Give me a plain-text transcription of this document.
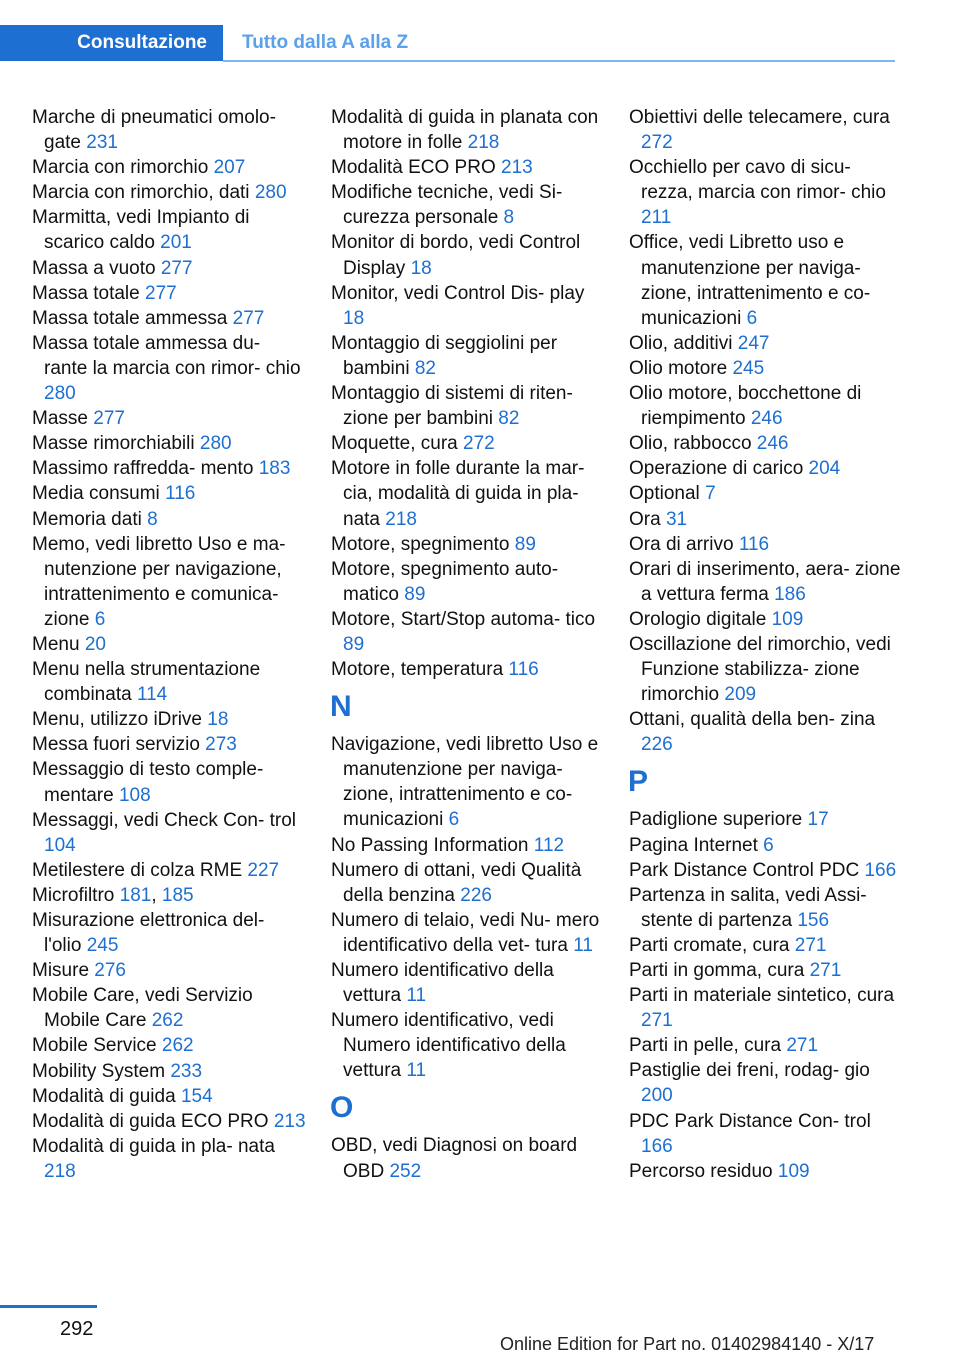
Consultazione Tutto dalla A alla Z
Marche di pneumatici omolo‐ gate 231
Marcia con rimorchio 207
Marcia con rimorchio, dati 280
Marmitta, vedi Impianto di scarico caldo 201
Massa a vuoto 277
Massa totale 277
Massa totale ammessa 277
Massa totale ammessa du‐ rante la marcia con rimor‐ chio 280
Masse 277
Masse rimorchiabili 280
Massimo raffredda‐ mento 183
Media consumi 116
Memoria dati 8
Memo, vedi libretto Uso e ma‐ nutenzione per navigazione, intrattenimento e comunica‐ zione 6
Menu 20
Menu nella strumentazione combinata 114
Menu, utilizzo iDrive 18
Messa fuori servizio 273
Messaggio di testo comple‐ mentare 108
Messaggi, vedi Check Con‐ trol 104
Metilestere di colza RME 227
Microfiltro 181, 185
Misurazione elettronica del‐ l'olio 245
Misure 276
Mobile Care, vedi Servizio Mobile Care 262
Mobile Service 262
Mobility System 233
Modalità di guida 154
Modalità di guida ECO PRO 213
Modalità di guida in pla‐ nata 218
Modalità di guida in planata con motore in folle 218
Modalità ECO PRO 213
Modifiche tecniche, vedi Si‐ curezza personale 8
Monitor di bordo, vedi Control Display 18
Monitor, vedi Control Dis‐ play 18
Montaggio di seggiolini per bambini 82
Montaggio di sistemi di riten‐ zione per bambini 82
Moquette, cura 272
Motore in folle durante la mar‐ cia, modalità di guida in pla‐ nata 218
Motore, spegnimento 89
Motore, spegnimento auto‐ matico 89
Motore, Start/Stop automa‐ tico 89
Motore, temperatura 116
N
Navigazione, vedi libretto Uso e manutenzione per naviga‐ zione, intrattenimento e co‐ municazioni 6
No Passing Information 112
Numero di ottani, vedi Qualità della benzina 226
Numero di telaio, vedi Nu‐ mero identificativo della vet‐ tura 11
Numero identificativo della vettura 11
Numero identificativo, vedi Numero identificativo della vettura 11
O
OBD, vedi Diagnosi on board OBD 252
Obiettivi delle telecamere, cura 272
Occhiello per cavo di sicu‐ rezza, marcia con rimor‐ chio 211
Office, vedi Libretto uso e manutenzione per naviga‐ zione, intrattenimento e co‐ municazioni 6
Olio, additivi 247
Olio motore 245
Olio motore, bocchettone di riempimento 246
Olio, rabbocco 246
Operazione di carico 204
Optional 7
Ora 31
Ora di arrivo 116
Orari di inserimento, aera‐ zione a vettura ferma 186
Orologio digitale 109
Oscillazione del rimorchio, vedi Funzione stabilizza‐ zione rimorchio 209
Ottani, qualità della ben‐ zina 226
P
Padiglione superiore 17
Pagina Internet 6
Park Distance Control PDC 166
Partenza in salita, vedi Assi‐ stente di partenza 156
Parti cromate, cura 271
Parti in gomma, cura 271
Parti in materiale sintetico, cura 271
Parti in pelle, cura 271
Pastiglie dei freni, rodag‐ gio 200
PDC Park Distance Con‐ trol 166
Percorso residuo 109
292
Online Edition for Part no. 01402984140 - X/17
